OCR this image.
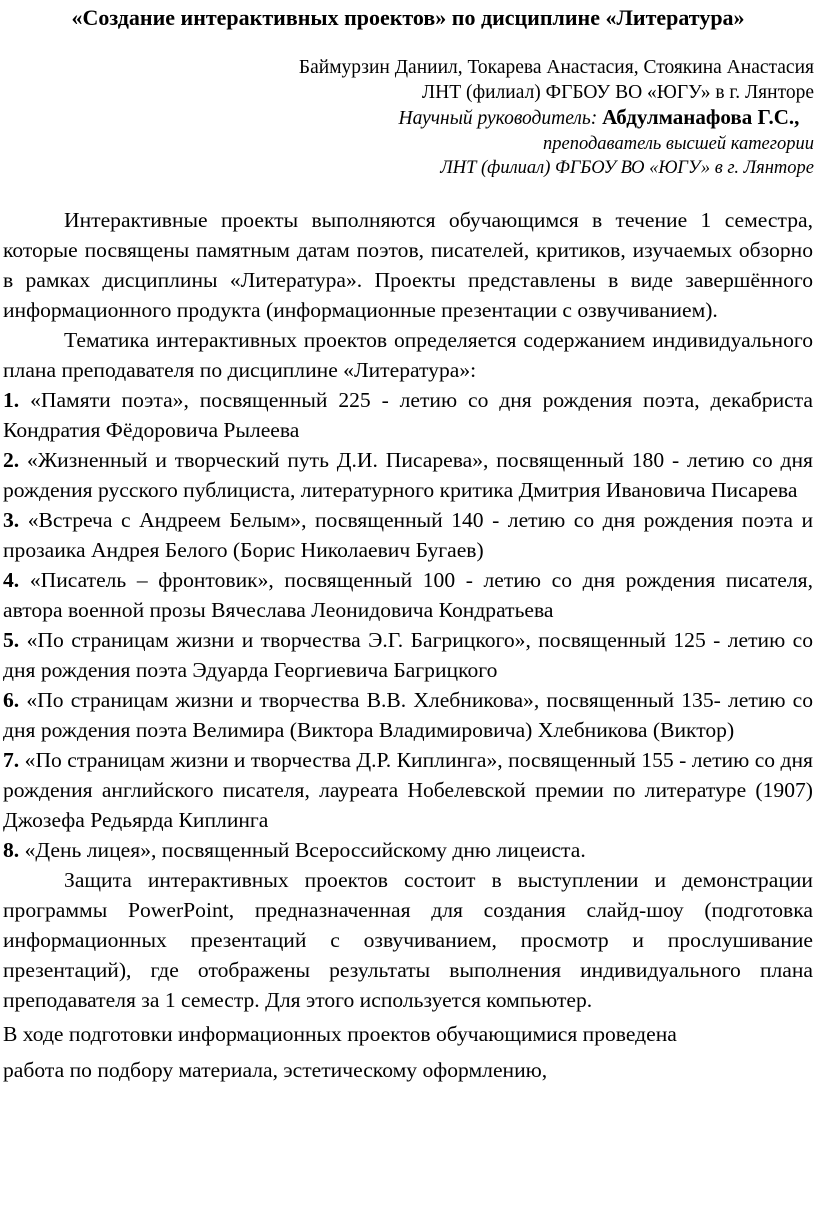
«Создание интерактивных проектов» по дисциплине «Литература»
Баймурзин Даниил, Токарева Анастасия, Стоякина Анастасия
ЛНТ (филиал) ФГБОУ ВО «ЮГУ» в г. Лянторе
Научный руководитель: Абдулманафова Г.С.,
преподаватель высшей категории
ЛНТ (филиал) ФГБОУ ВО «ЮГУ» в г. Лянторе

Интерактивные проекты выполняются обучающимся в течение 1 семестра, которые посвящены памятным датам поэтов, писателей, критиков, изучаемых обзорно в рамках дисциплины «Литература». Проекты представлены в виде завершённого информационного продукта (информационные презентации с озвучиванием).

Тематика интерактивных проектов определяется содержанием индивидуального плана преподавателя по дисциплине «Литература»:

1. «Памяти поэта», посвященный 225 - летию со дня рождения поэта, декабриста Кондратия Фёдоровича Рылеева

2. «Жизненный и творческий путь Д.И. Писарева», посвященный 180 - летию со дня рождения русского публициста, литературного критика Дмитрия Ивановича Писарева

3. «Встреча с Андреем Белым», посвященный 140 - летию со дня рождения поэта и прозаика Андрея Белого (Борис Николаевич Бугаев)

4. «Писатель – фронтовик», посвященный 100 - летию со дня рождения писателя, автора военной прозы Вячеслава Леонидовича Кондратьева

5. «По страницам жизни и творчества Э.Г. Багрицкого», посвященный 125 - летию со дня рождения поэта Эдуарда Георгиевича Багрицкого

6. «По страницам жизни и творчества В.В. Хлебникова», посвященный 135- летию со дня рождения поэта Велимира (Виктора Владимировича) Хлебникова (Виктор)

7. «По страницам жизни и творчества Д.Р. Киплинга», посвященный 155 - летию со дня рождения английского писателя, лауреата Нобелевской премии по литературе (1907) Джозефа Редьярда Киплинга

8. «День лицея», посвященный Всероссийскому дню лицеиста.

Защита интерактивных проектов состоит в выступлении и демонстрации программы PowerPoint, предназначенная для создания слайд-шоу (подготовка информационных презентаций с озвучиванием, просмотр и прослушивание презентаций), где отображены результаты выполнения индивидуального плана преподавателя за 1 семестр. Для этого используется компьютер.

В ходе подготовки информационных проектов обучающимися проведена

работа по подбору материала, эстетическому оформлению,
